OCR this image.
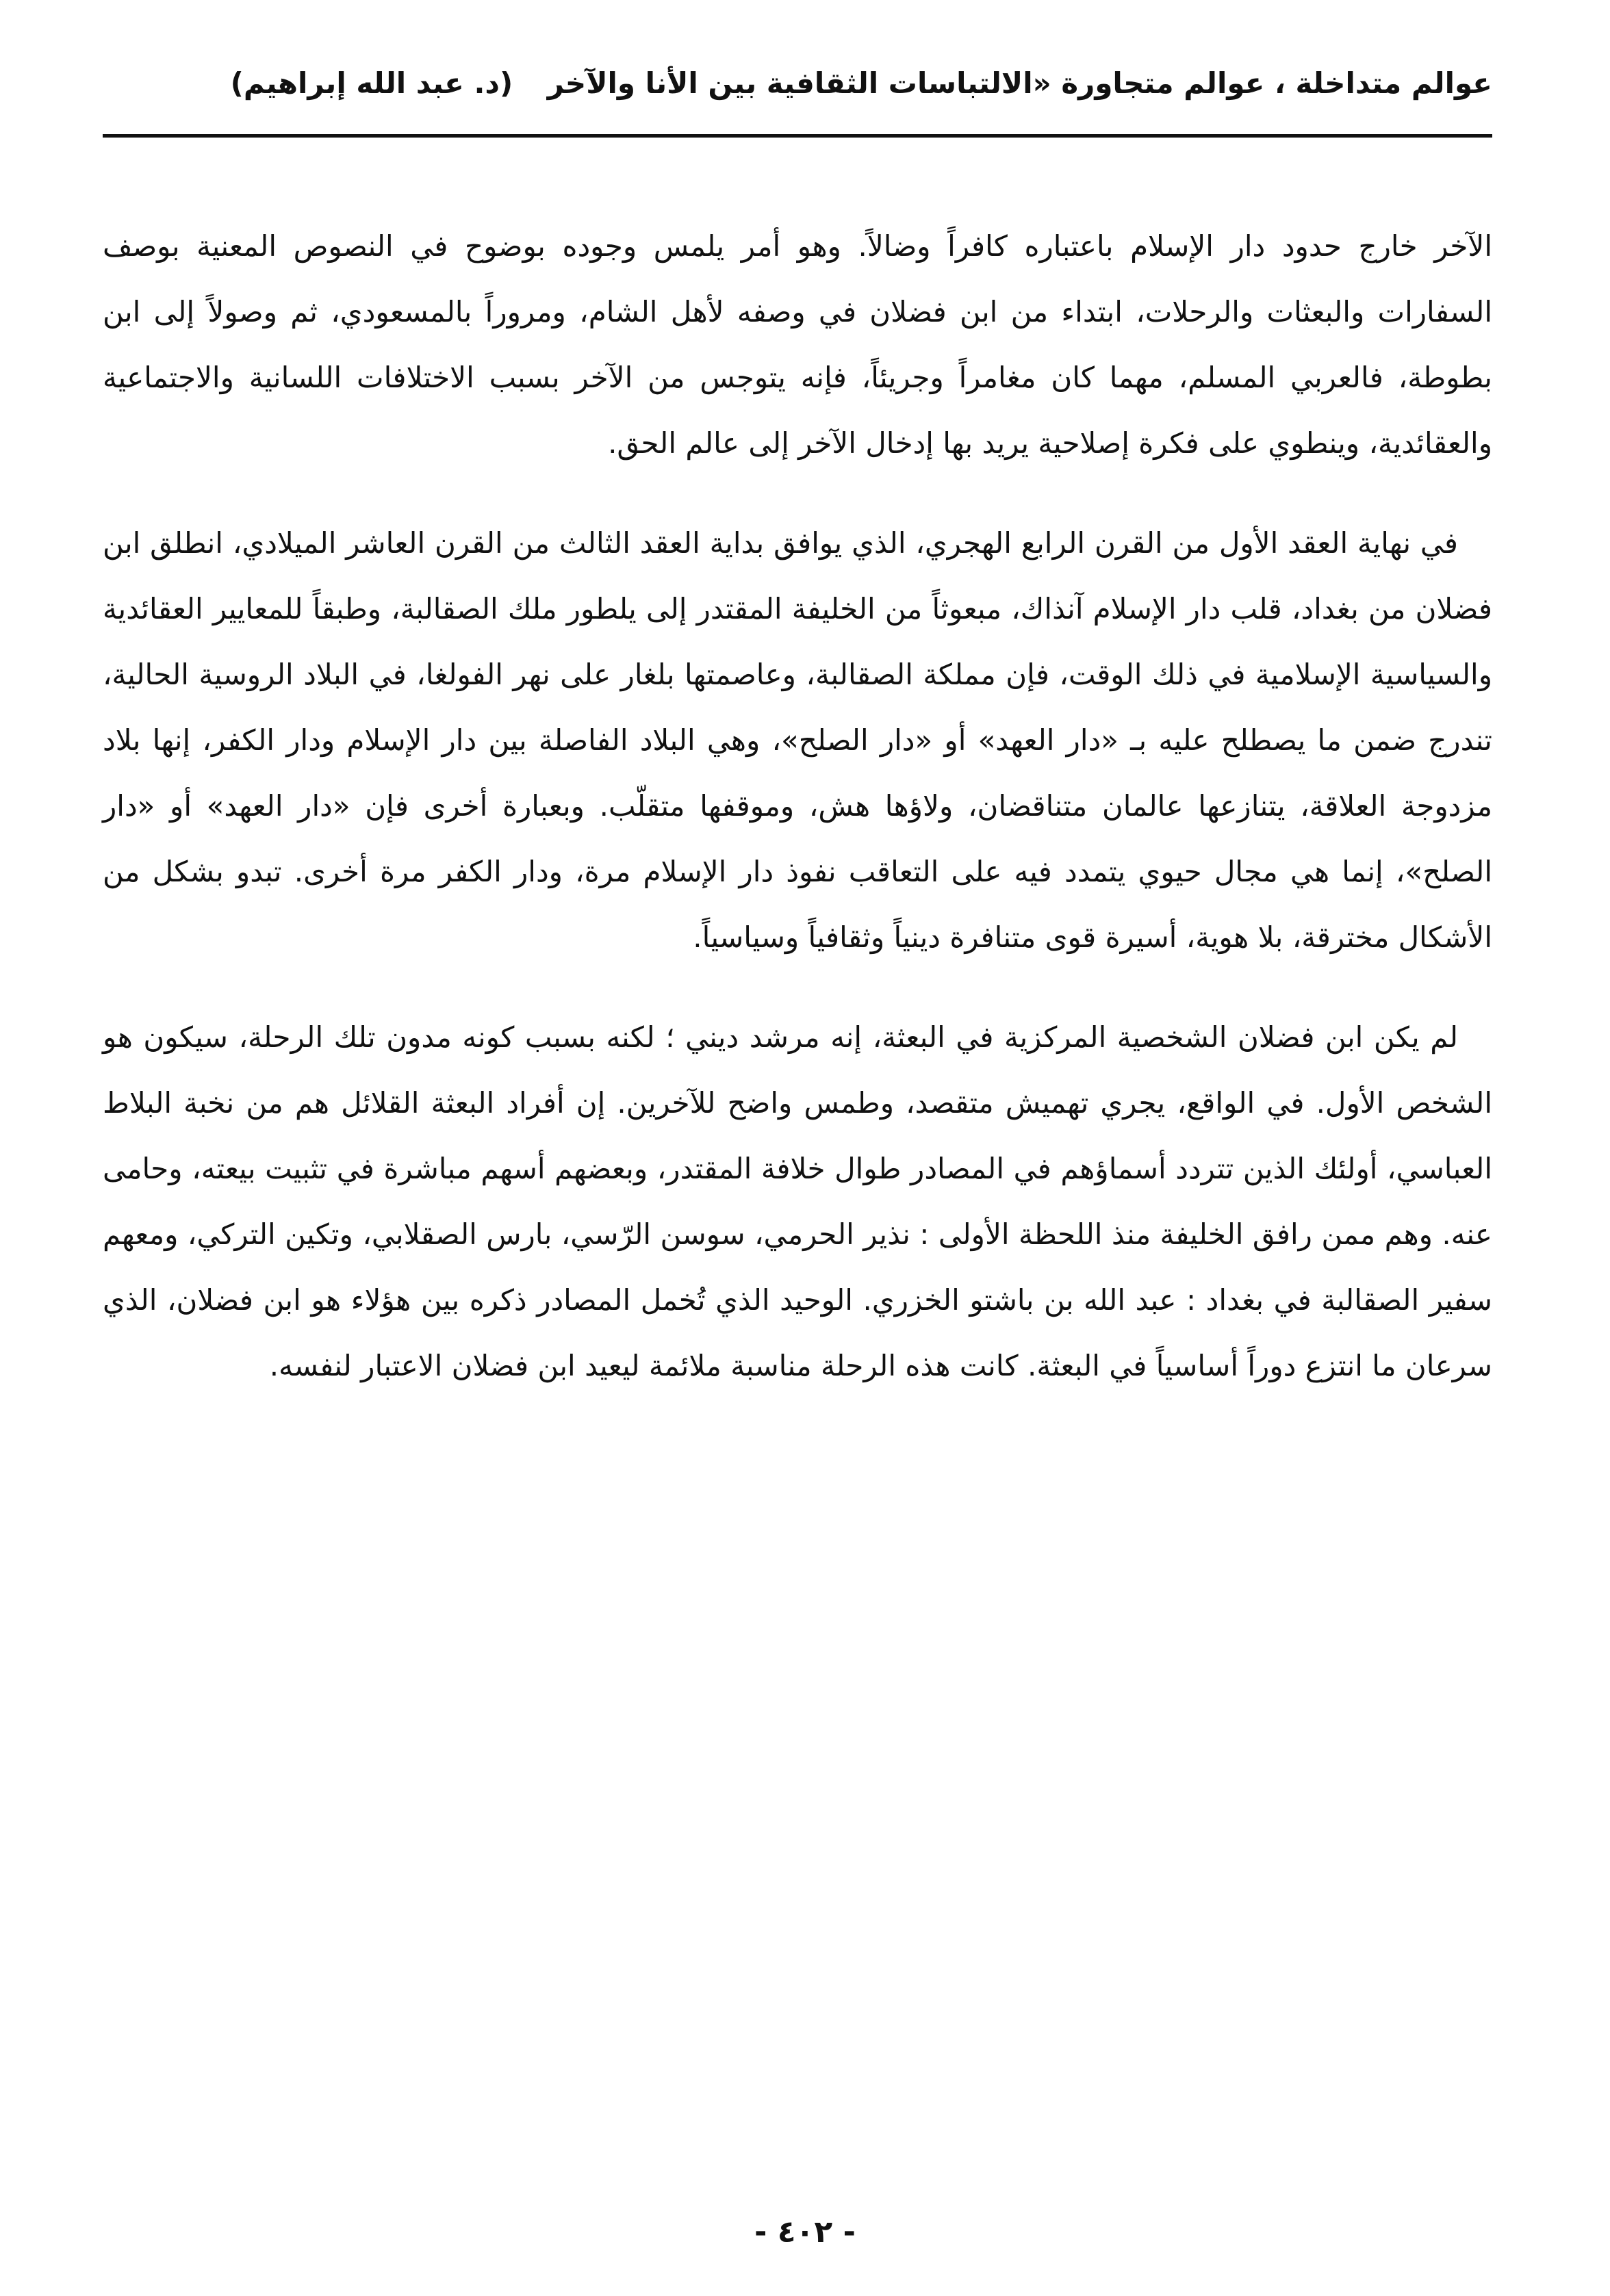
عوالم متداخلة ، عوالم متجاورة «الالتباسات الثقافية بين الأنا والآخر (د. عبد الله إبراهيم)

الآخر خارج حدود دار الإسلام باعتباره كافراً وضالاً. وهو أمر يلمس وجوده بوضوح في النصوص المعنية بوصف السفارات والبعثات والرحلات، ابتداء من ابن فضلان في وصفه لأهل الشام، ومروراً بالمسعودي، ثم وصولاً إلى ابن بطوطة، فالعربي المسلم، مهما كان مغامراً وجريئاً، فإنه يتوجس من الآخر بسبب الاختلافات اللسانية والاجتماعية والعقائدية، وينطوي على فكرة إصلاحية يريد بها إدخال الآخر إلى عالم الحق.

في نهاية العقد الأول من القرن الرابع الهجري، الذي يوافق بداية العقد الثالث من القرن العاشر الميلادي، انطلق ابن فضلان من بغداد، قلب دار الإسلام آنذاك، مبعوثاً من الخليفة المقتدر إلى يلطور ملك الصقالبة، وطبقاً للمعايير العقائدية والسياسية الإسلامية في ذلك الوقت، فإن مملكة الصقالبة، وعاصمتها بلغار على نهر الفولغا، في البلاد الروسية الحالية، تندرج ضمن ما يصطلح عليه بـ «دار العهد» أو «دار الصلح»، وهي البلاد الفاصلة بين دار الإسلام ودار الكفر، إنها بلاد مزدوجة العلاقة، يتنازعها عالمان متناقضان، ولاؤها هش، وموقفها متقلّب. وبعبارة أخرى فإن «دار العهد» أو «دار الصلح»، إنما هي مجال حيوي يتمدد فيه على التعاقب نفوذ دار الإسلام مرة، ودار الكفر مرة أخرى. تبدو بشكل من الأشكال مخترقة، بلا هوية، أسيرة قوى متنافرة دينياً وثقافياً وسياسياً.

لم يكن ابن فضلان الشخصية المركزية في البعثة، إنه مرشد ديني ؛ لكنه بسبب كونه مدون تلك الرحلة، سيكون هو الشخص الأول. في الواقع، يجري تهميش متقصد، وطمس واضح للآخرين. إن أفراد البعثة القلائل هم من نخبة البلاط العباسي، أولئك الذين تتردد أسماؤهم في المصادر طوال خلافة المقتدر، وبعضهم أسهم مباشرة في تثبيت بيعته، وحامى عنه. وهم ممن رافق الخليفة منذ اللحظة الأولى : نذير الحرمي، سوسن الرّسي، بارس الصقلابي، وتكين التركي، ومعهم سفير الصقالبة في بغداد : عبد الله بن باشتو الخزري. الوحيد الذي تُخمل المصادر ذكره بين هؤلاء هو ابن فضلان، الذي سرعان ما انتزع دوراً أساسياً في البعثة. كانت هذه الرحلة مناسبة ملائمة ليعيد ابن فضلان الاعتبار لنفسه.

- ٤٠٢ -
